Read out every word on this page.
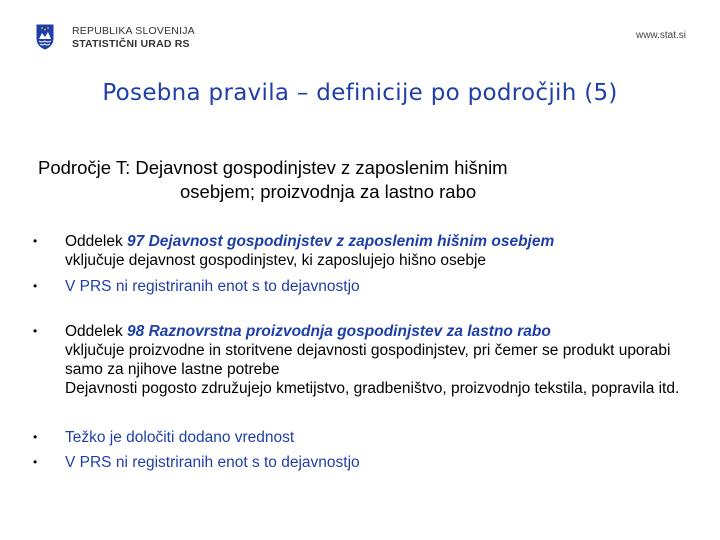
REPUBLIKA SLOVENIJA
STATISTIČNI URAD RS
www.stat.si
Posebna pravila – definicije po področjih (5)
Področje T: Dejavnost gospodinjstev z zaposlenim hišnim
osebjem; proizvodnja za lastno rabo
• Oddelek 97 Dejavnost gospodinjstev z zaposlenim hišnim osebjem
vključuje dejavnost gospodinjstev, ki zaposlujejo hišno osebje
• V PRS ni registriranih enot s to dejavnostjo
• Oddelek 98 Raznovrstna proizvodnja gospodinjstev za lastno rabo
vključuje proizvodne in storitvene dejavnosti gospodinjstev, pri čemer se produkt uporabi samo za njihove lastne potrebe
Dejavnosti pogosto združujejo kmetijstvo, gradbeništvo, proizvodnjo tekstila, popravila itd.
• Težko je določiti dodano vrednost
• V PRS ni registriranih enot s to dejavnostjo
